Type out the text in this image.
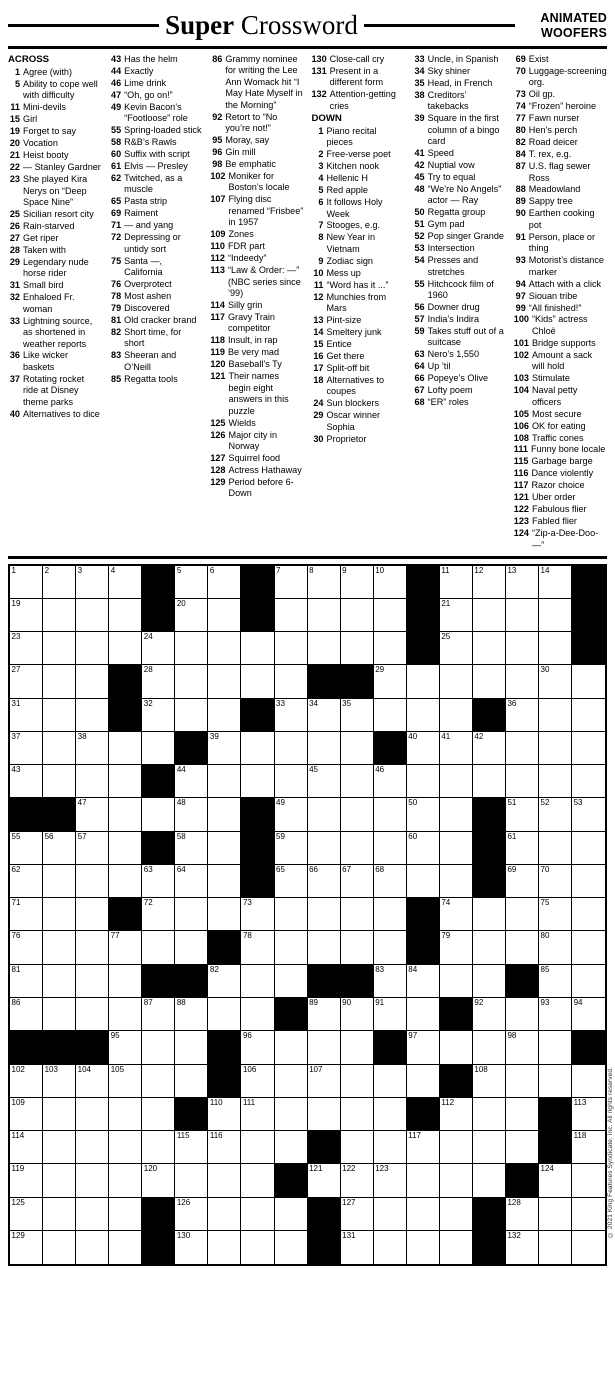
Super Crossword	ANIMATED
WOOFERS
ACROSS
1 Agree (with)
5 Ability to cope well with difficulty
11 Mini-devils
15 Girl
19 Forget to say
20 Vocation
21 Heist booty
22 — Stanley Gardner
23 She played Kira Nerys on “Deep Space Nine”
25 Sicilian resort city
26 Rain-starved
27 Get riper
28 Taken with
29 Legendary nude horse rider
31 Small bird
32 Enhaloed Fr. woman
33 Lightning source, as shortened in weather reports
36 Like wicker baskets
37 Rotating rocket ride at Disney theme parks
40 Alternatives to dice
43 Has the helm
44 Exactly
46 Lime drink
47 “Oh, go on!”
49 Kevin Bacon’s “Footloose” role
55 Spring-loaded stick
58 R&B’s Rawls
60 Suffix with script
61 Elvis — Presley
62 Twitched, as a muscle
65 Pasta strip
69 Raiment
71 — and yang
72 Depressing or untidy sort
75 Santa —, California
76 Overprotect
78 Most ashen
79 Discovered
81 Old cracker brand
82 Short time, for short
83 Sheeran and O’Neill
85 Regatta tools
86 Grammy nominee for writing the Lee Ann Womack hit “I May Hate Myself in the Morning”
92 Retort to “No you’re not!”
95 Moray, say
96 Gin mill
98 Be emphatic
102 Moniker for Boston’s locale
107 Flying disc renamed “Frisbee” in 1957
109 Zones
110 FDR part
112 “Indeedy”
113 “Law & Order: —” (NBC series since ’99)
114 Silly grin
117 Gravy Train competitor
118 Insult, in rap
119 Be very mad
120 Baseball’s Ty
121 Their names begin eight answers in this puzzle
125 Wields
126 Major city in Norway
127 Squirrel food
128 Actress Hathaway
129 Period before 6-Down
130 Close-call cry
131 Present in a different form
132 Attention-getting cries
DOWN
1 Piano recital pieces
2 Free-verse poet
3 Kitchen nook
4 Hellenic H
5 Red apple
6 It follows Holy Week
7 Stooges, e.g.
8 New Year in Vietnam
9 Zodiac sign
10 Mess up
11 “Word has it ...”
12 Munchies from Mars
13 Pint-size
14 Smeltery junk
15 Entice
16 Get there
17 Split-off bit
18 Alternatives to coupes
24 Sun blockers
29 Oscar winner Sophia
30 Proprietor
33 Uncle, in Spanish
34 Sky shiner
35 Head, in French
38 Creditors’ takebacks
39 Square in the first column of a bingo card
41 Speed
42 Nuptial vow
45 Try to equal
48 “We’re No Angels” actor — Ray
50 Regatta group
51 Gym pad
52 Pop singer Grande
53 Intersection
54 Presses and stretches
55 Hitchcock film of 1960
56 Downer drug
57 India’s Indira
59 Takes stuff out of a suitcase
63 Nero’s 1,550
64 Up ’til
66 Popeye’s Olive
67 Lofty poem
68 “ER” roles
69 Exist
70 Luggage-screening org.
73 Oil gp.
74 “Frozen” heroine
77 Fawn nurser
80 Hen’s perch
82 Road deicer
84 T. rex, e.g.
87 U.S. flag sewer Ross
88 Meadowland
89 Sappy tree
90 Earthen cooking pot
91 Person, place or thing
93 Motorist’s distance marker
94 Attach with a click
97 Siouan tribe
99 “All finished!”
100 “Kids” actress Chloë
101 Bridge supports
102 Amount a sack will hold
103 Stimulate
104 Naval petty officers
105 Most secure
106 OK for eating
108 Traffic cones
111 Funny bone locale
115 Garbage barge
116 Dance violently
117 Razor choice
121 Uber order
122 Fabulous flier
123 Fabled flier
124 “Zip-a-Dee-Doo- —”
1	2	3	4	5	6	7	8	9	10	11	12	13	14
19	20	21
23	24	25
27	28	29	30
31	32	33	34	35	36
37	38	39	40	41	42
43	44	45	46
47	48	49	50	51	52	53
55	56	57	58	59	60	61
62	63	64	65	66	67	68	69	70
71	72	73	74	75
76	77	78	79	80
81	82	83	84	85
86	87	88	89	90	91	92	93	94
95	96	97	98
102 103 104 105	106	107	108
109	110	111	112	113
114	115	116	117	118
119	120	121 122 123	124
125	126	127	128
129	130	131	132	© 2021 King Features Syndicate, Inc. All rights reserved.
